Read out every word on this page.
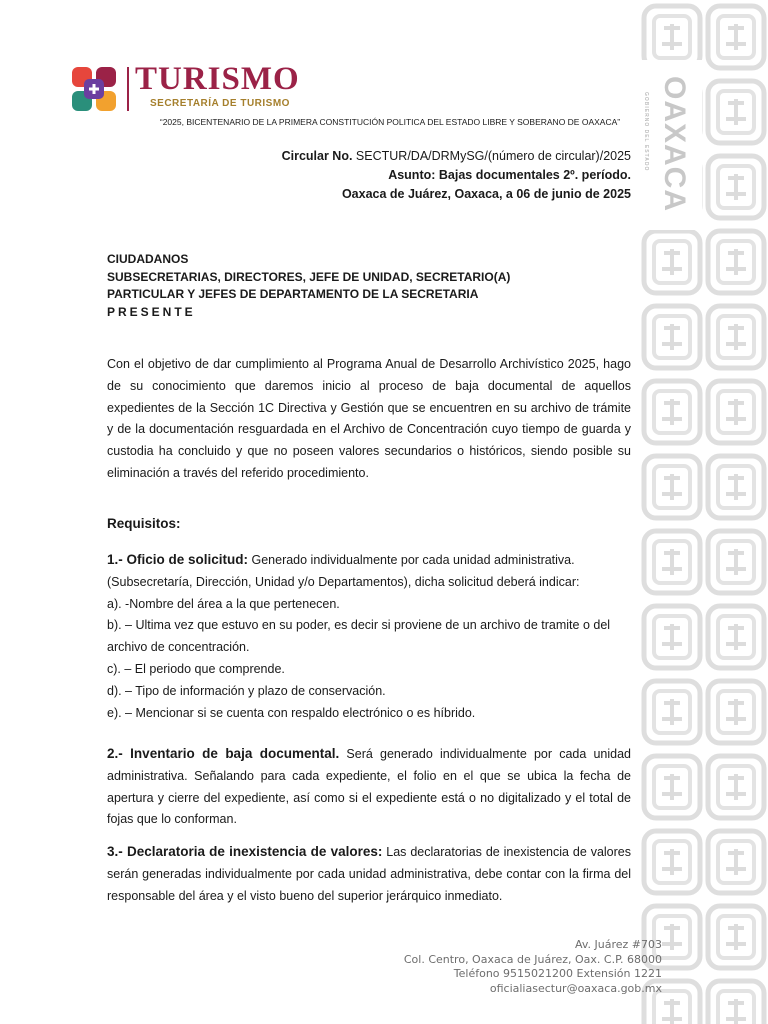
OAXACA
GOBIERNO DEL ESTADO
TURISMO
SECRETARÍA DE TURISMO
“2025, BICENTENARIO DE LA PRIMERA CONSTITUCIÓN POLITICA DEL ESTADO LIBRE Y SOBERANO DE OAXACA”
Circular No. SECTUR/DA/DRMySG/(número de circular)/2025
Asunto: Bajas documentales 2º. período.
Oaxaca de Juárez, Oaxaca, a 06 de junio de 2025
CIUDADANOS
SUBSECRETARIAS, DIRECTORES, JEFE DE UNIDAD, SECRETARIO(A)
PARTICULAR Y JEFES DE DEPARTAMENTO DE LA SECRETARIA
PRESENTE
Con el objetivo de dar cumplimiento al Programa Anual de Desarrollo Archivístico 2025, hago de su conocimiento que daremos inicio al proceso de baja documental de aquellos expedientes de la Sección 1C Directiva y Gestión que se encuentren en su archivo de trámite y de la documentación resguardada en el Archivo de Concentración cuyo tiempo de guarda y custodia ha concluido y que no poseen valores secundarios o históricos, siendo posible su eliminación a través del referido procedimiento.
Requisitos:
1.- Oficio de solicitud: Generado individualmente por cada unidad administrativa. (Subsecretaría, Dirección, Unidad y/o Departamentos), dicha solicitud deberá indicar:
a). -Nombre del área a la que pertenecen.
b). – Ultima vez que estuvo en su poder, es decir si proviene de un archivo de tramite o del archivo de concentración.
c). – El periodo que comprende.
d). – Tipo de información y plazo de conservación.
e). – Mencionar si se cuenta con respaldo electrónico o es híbrido.
2.- Inventario de baja documental. Será generado individualmente por cada unidad administrativa. Señalando para cada expediente, el folio en el que se ubica la fecha de apertura y cierre del expediente, así como si el expediente está o no digitalizado y el total de fojas que lo conforman.
3.- Declaratoria de inexistencia de valores: Las declaratorias de inexistencia de valores serán generadas individualmente por cada unidad administrativa, debe contar con la firma del responsable del área y el visto bueno del superior jerárquico inmediato.
Av. Juárez #703
Col. Centro, Oaxaca de Juárez, Oax. C.P. 68000
Teléfono 9515021200 Extensión 1221
oficialiasectur@oaxaca.gob.mx
